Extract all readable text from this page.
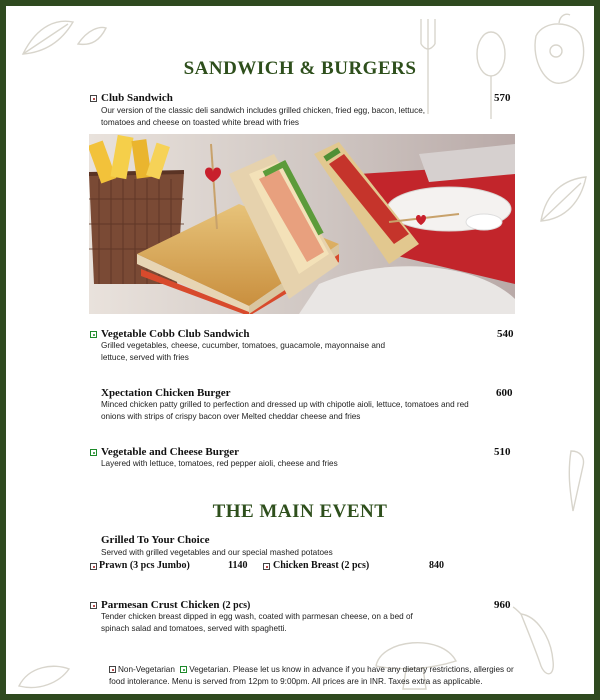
SANDWICH & BURGERS
Club Sandwich	570
Our version of the classic deli sandwich includes grilled chicken, fried egg, bacon, lettuce, tomatoes and cheese on toasted white bread with fries
Vegetable Cobb Club Sandwich	540
Grilled vegetables, cheese, cucumber, tomatoes, guacamole, mayonnaise and lettuce, served with fries
Xpectation Chicken Burger	600
Minced chicken patty grilled to perfection and dressed up with chipotle aioli, lettuce, tomatoes and red onions with strips of crispy bacon over Melted cheddar cheese and fries
Vegetable and Cheese Burger	510
Layered with lettuce, tomatoes, red pepper aioli, cheese and fries
THE MAIN EVENT
Grilled To Your Choice
Served with grilled vegetables and our special mashed potatoes
Prawn (3 pcs Jumbo)	1140	Chicken Breast (2 pcs)	840
Parmesan Crust Chicken (2 pcs)	960
Tender chicken breast dipped in egg wash, coated with parmesan cheese, on a bed of spinach salad and tomatoes, served with spaghetti.
Non-Vegetarian Vegetarian. Please let us know in advance if you have any dietary restrictions, allergies or food intolerance. Menu is served from 12pm to 9:00pm. All prices are in INR. Taxes extra as applicable.
